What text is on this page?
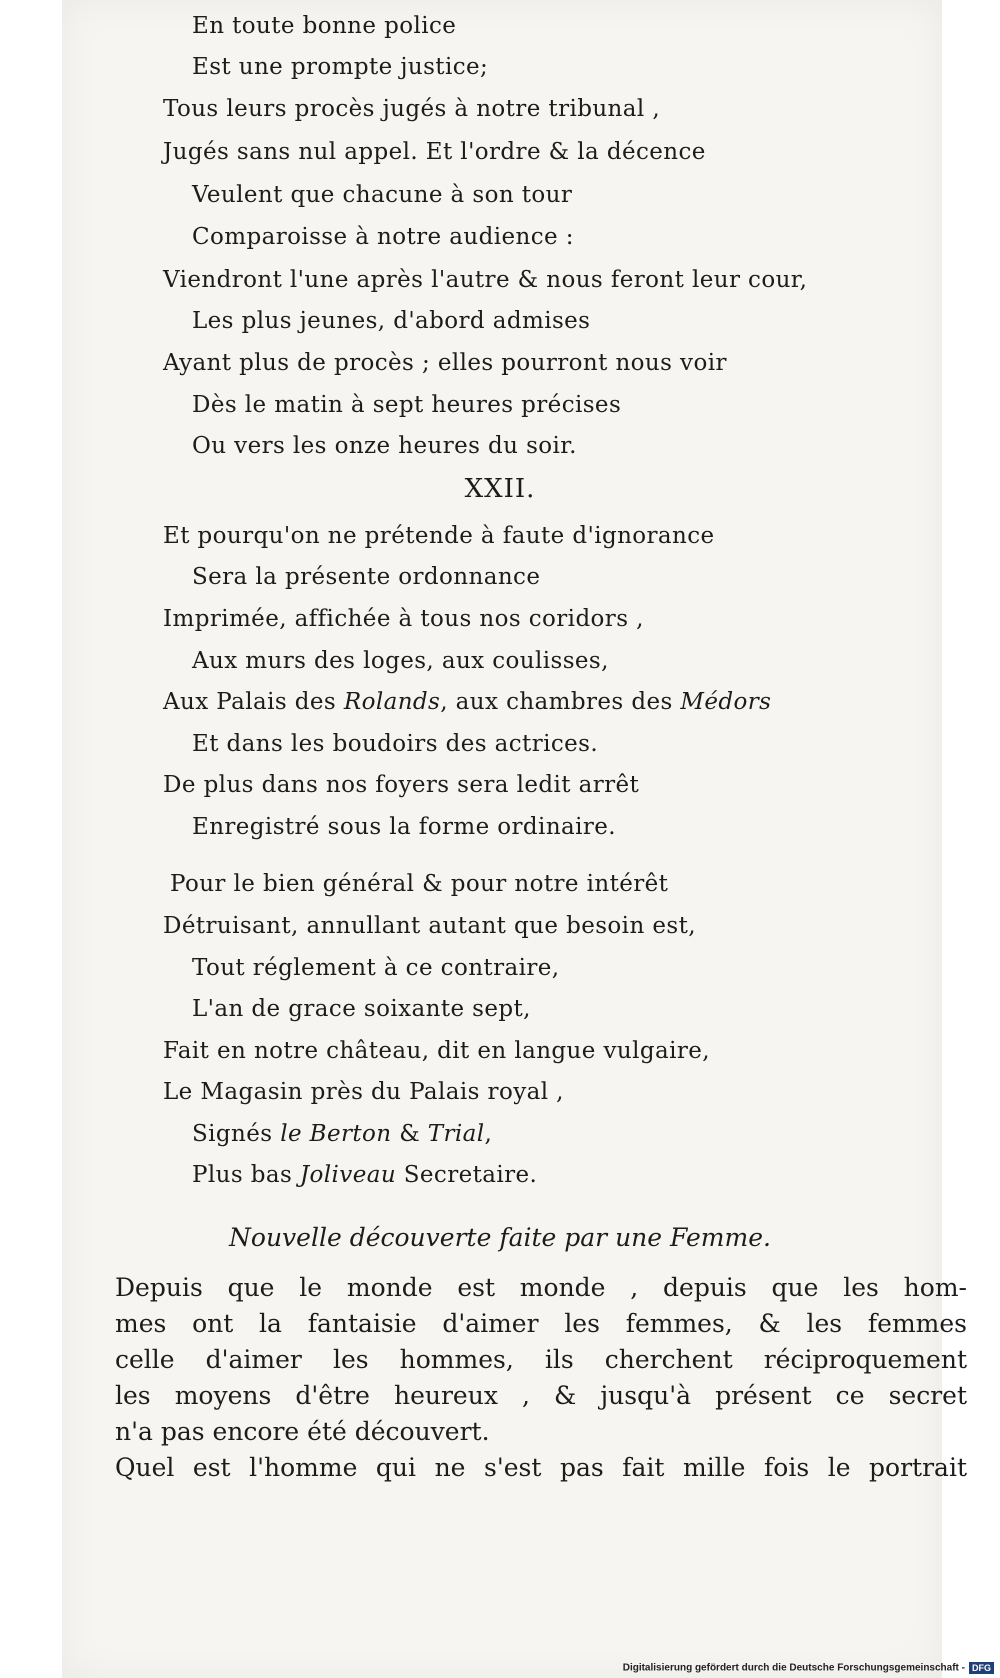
En toute bonne police
Est une prompte justice;
Tous leurs procès jugés à notre tribunal ,
Jugés sans nul appel. Et l'ordre & la décence
Veulent que chacune à son tour
Comparoisse à notre audience :
Viendront l'une après l'autre & nous feront leur cour,
Les plus jeunes, d'abord admises
Ayant plus de procès ; elles pourront nous voir
Dès le matin à sept heures précises
Ou vers les onze heures du soir.
XXII.
Et pourqu'on ne prétende à faute d'ignorance
Sera la présente ordonnance
Imprimée, affichée à tous nos coridors ,
Aux murs des loges, aux coulisses,
Aux Palais des Rolands, aux chambres des Médors
Et dans les boudoirs des actrices.
De plus dans nos foyers sera ledit arrêt
Enregistré sous la forme ordinaire.
Pour le bien général & pour notre intérêt
Détruisant, annullant autant que besoin est,
Tout réglement à ce contraire,
L'an de grace soixante sept,
Fait en notre château, dit en langue vulgaire,
Le Magasin près du Palais royal ,
Signés le Berton & Trial,
Plus bas Joliveau Secretaire.
Nouvelle découverte faite par une Femme.
Depuis que le monde est monde , depuis que les hom-
mes ont la fantaisie d'aimer les femmes, & les femmes
celle d'aimer les hommes, ils cherchent réciproquement
les moyens d'être heureux , & jusqu'à présent ce secret
n'a pas encore été découvert.
Quel est l'homme qui ne s'est pas fait mille fois le portrait
Digitalisierung gefördert durch die Deutsche Forschungsgemeinschaft - DFG
